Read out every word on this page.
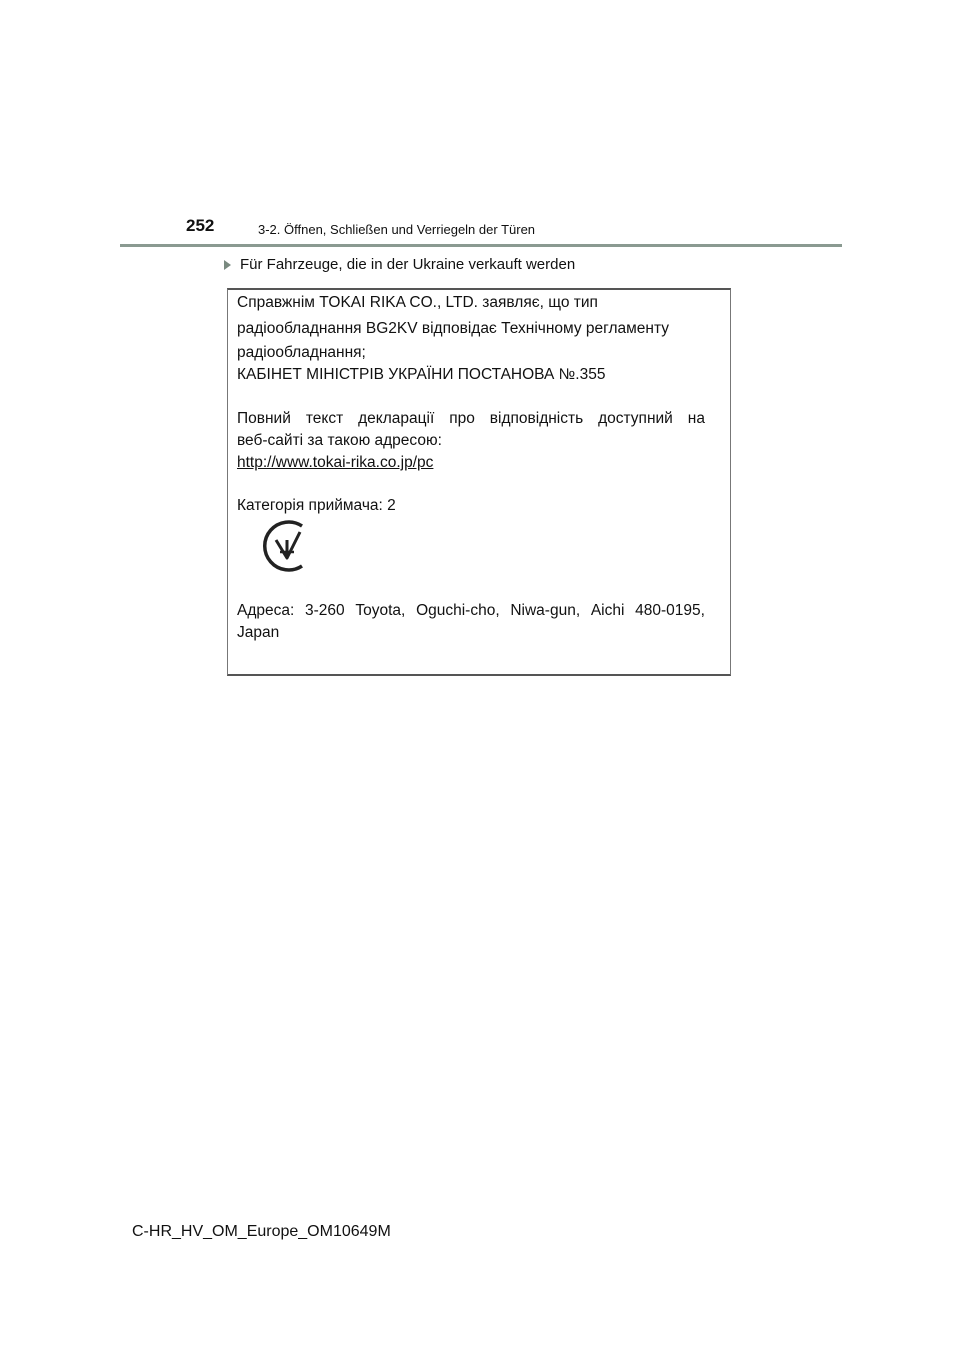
252	3-2. Öffnen, Schließen und Verriegeln der Türen
Für Fahrzeuge, die in der Ukraine verkauft werden
Справжнім TOKAI RIKA CO., LTD. заявляє, що тип
радіообладнання BG2KV відповідає Технічному регламенту
радіообладнання;
КАБІНЕТ МІНІСТРІВ УКРАЇНИ ПОСТАНОВА №.355
Повний текст декларації про відповідність доступний на
веб-сайті за такою адресою:
http://www.tokai-rika.co.jp/pc
Категорія приймача: 2
Адреса: 3-260 Toyota, Oguchi-cho, Niwa-gun, Aichi 480-0195,
Japan
C-HR_HV_OM_Europe_OM10649M
